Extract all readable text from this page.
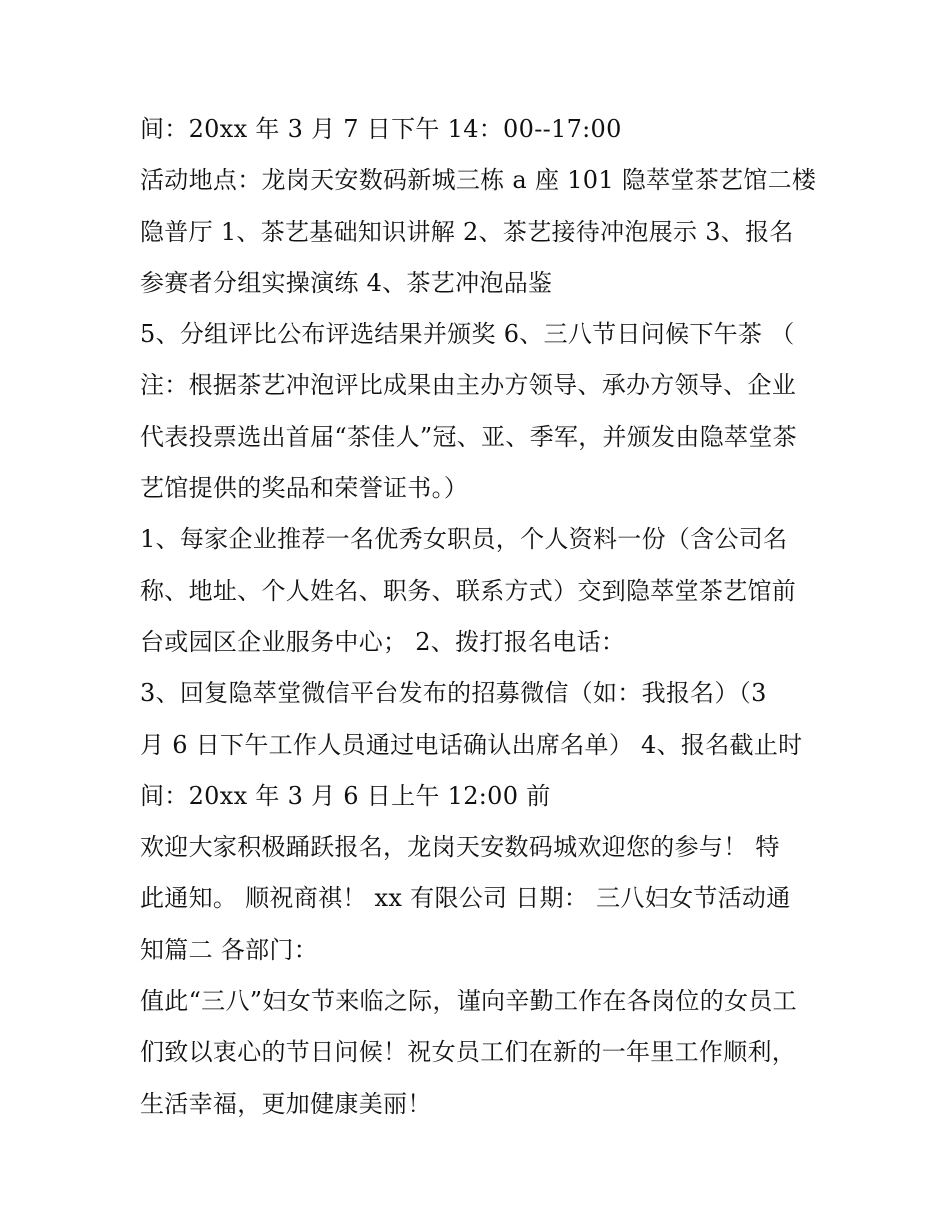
间：20xx 年 3 月 7 日下午 14：00--17:00
活动地点：龙岗天安数码新城三栋 a 座 101 隐萃堂茶艺馆二楼
隐普厅 1、茶艺基础知识讲解 2、茶艺接待冲泡展示 3、报名
参赛者分组实操演练 4、茶艺冲泡品鉴
5、分组评比公布评选结果并颁奖 6、三八节日问候下午茶 （
注：根据茶艺冲泡评比成果由主办方领导、承办方领导、企业
代表投票选出首届“茶佳人”冠、亚、季军，并颁发由隐萃堂茶
艺馆提供的奖品和荣誉证书。）
1、每家企业推荐一名优秀女职员，个人资料一份（含公司名
称、地址、个人姓名、职务、联系方式）交到隐萃堂茶艺馆前
台或园区企业服务中心； 2、拨打报名电话：
3、回复隐萃堂微信平台发布的招募微信（如：我报名）（3
月 6 日下午工作人员通过电话确认出席名单） 4、报名截止时
间：20xx 年 3 月 6 日上午 12:00 前
欢迎大家积极踊跃报名，龙岗天安数码城欢迎您的参与！ 特
此通知。 顺祝商祺！ xx 有限公司 日期： 三八妇女节活动通
知篇二 各部门：
值此“三八”妇女节来临之际，谨向辛勤工作在各岗位的女员工
们致以衷心的节日问候！祝女员工们在新的一年里工作顺利，
生活幸福，更加健康美丽！
